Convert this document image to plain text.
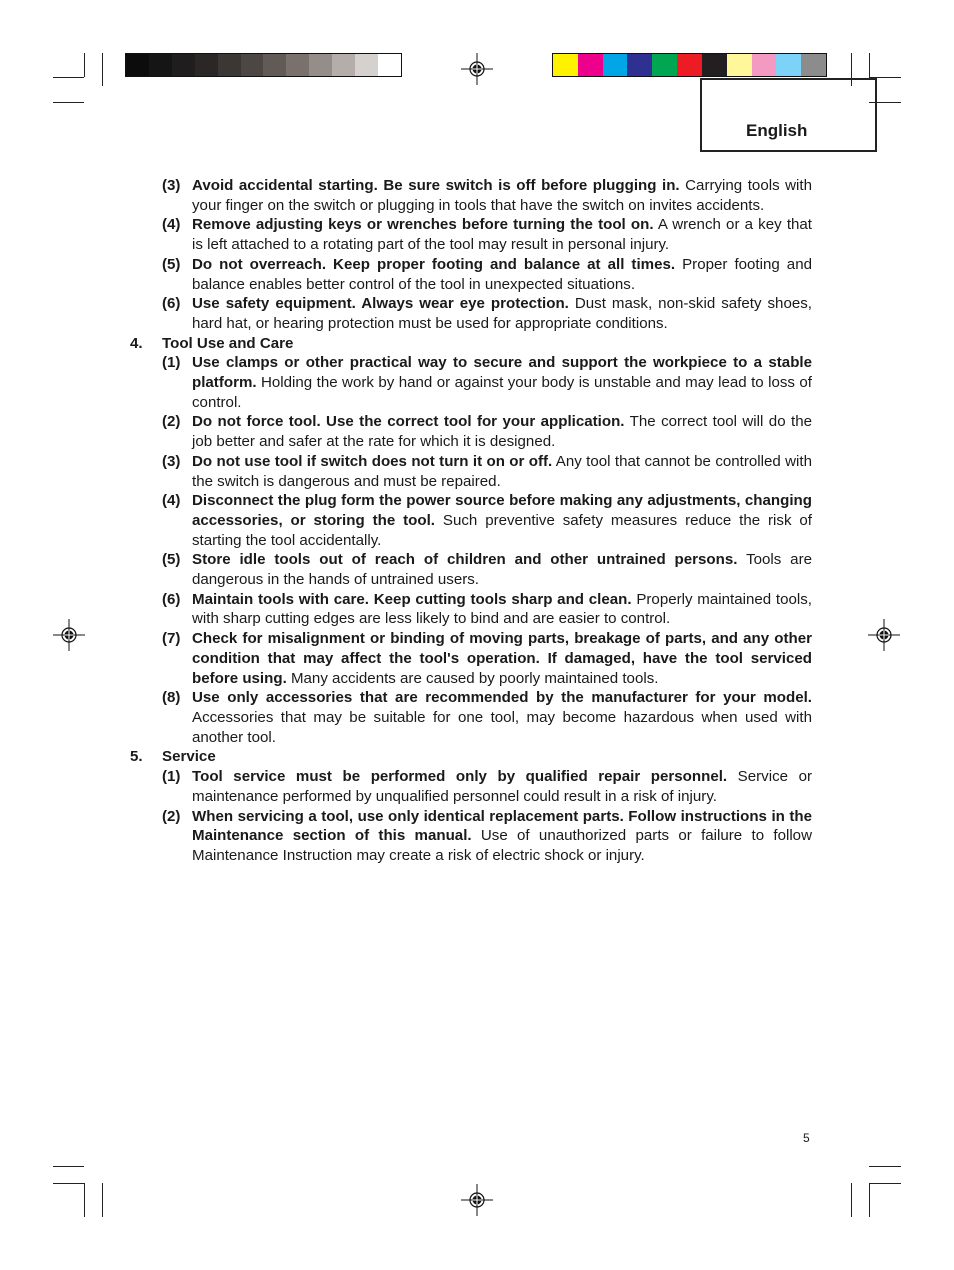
English
(3) Avoid accidental starting. Be sure switch is off before plugging in. Carrying tools with your finger on the switch or plugging in tools that have the switch on invites accidents.
(4) Remove adjusting keys or wrenches before turning the tool on. A wrench or a key that is left attached to a rotating part of the tool may result in personal injury.
(5) Do not overreach. Keep proper footing and balance at all times. Proper footing and balance enables better control of the tool in unexpected situations.
(6) Use safety equipment. Always wear eye protection. Dust mask, non-skid safety shoes, hard hat, or hearing protection must be used for appropriate conditions.
4. Tool Use and Care
(1) Use clamps or other practical way to secure and support the workpiece to a stable platform. Holding the work by hand or against your body is unstable and may lead to loss of control.
(2) Do not force tool. Use the correct tool for your application. The correct tool will do the job better and safer at the rate for which it is designed.
(3) Do not use tool if switch does not turn it on or off. Any tool that cannot be controlled with the switch is dangerous and must be repaired.
(4) Disconnect the plug form the power source before making any adjustments, changing accessories, or storing the tool. Such preventive safety measures reduce the risk of starting the tool accidentally.
(5) Store idle tools out of reach of children and other untrained persons. Tools are dangerous in the hands of untrained users.
(6) Maintain tools with care. Keep cutting tools sharp and clean. Properly maintained tools, with sharp cutting edges are less likely to bind and are easier to control.
(7) Check for misalignment or binding of moving parts, breakage of parts, and any other condition that may affect the tool's operation. If damaged, have the tool serviced before using. Many accidents are caused by poorly maintained tools.
(8) Use only accessories that are recommended by the manufacturer for your model. Accessories that may be suitable for one tool, may become hazardous when used with another tool.
5. Service
(1) Tool service must be performed only by qualified repair personnel. Service or maintenance performed by unqualified personnel could result in a risk of injury.
(2) When servicing a tool, use only identical replacement parts. Follow instructions in the Maintenance section of this manual. Use of unauthorized parts or failure to follow Maintenance Instruction may create a risk of electric shock or injury.
5
